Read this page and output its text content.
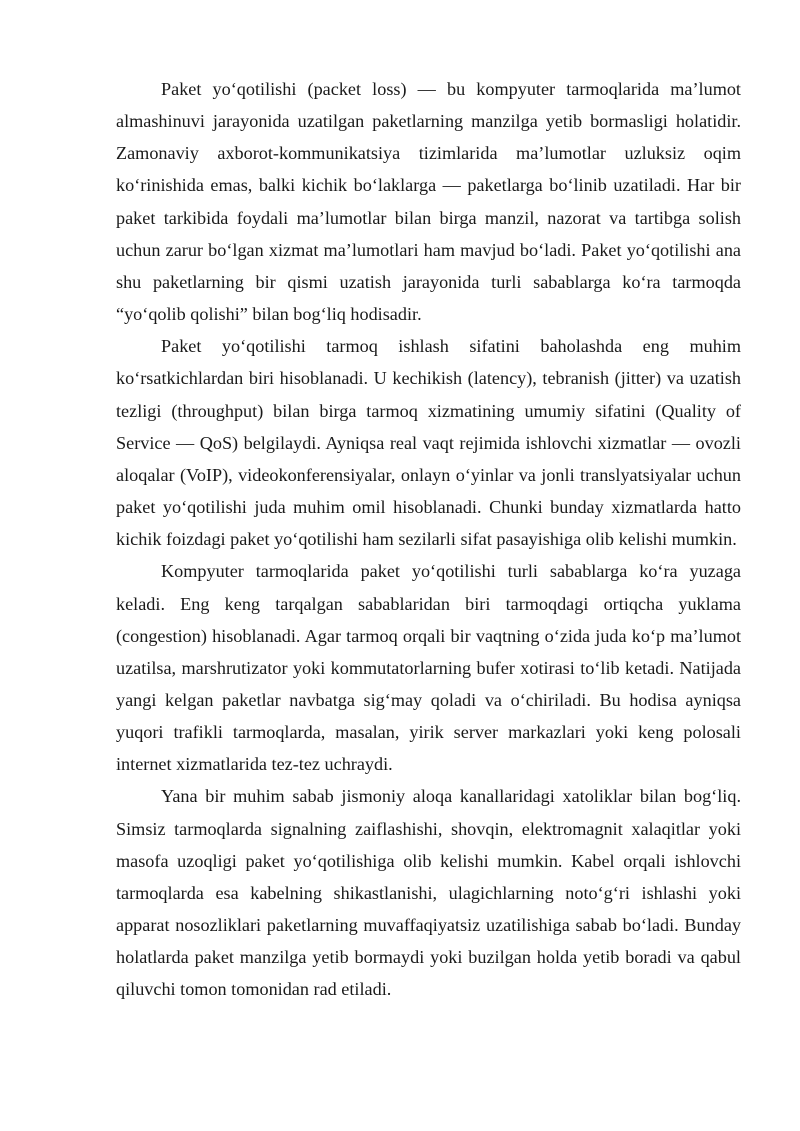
Paket yo‘qotilishi (packet loss) — bu kompyuter tarmoqlarida ma’lumot almashinuvi jarayonida uzatilgan paketlarning manzilga yetib bormasligi holatidir. Zamonaviy axborot-kommunikatsiya tizimlarida ma’lumotlar uzluksiz oqim ko‘rinishida emas, balki kichik bo‘laklarga — paketlarga bo‘linib uzatiladi. Har bir paket tarkibida foydali ma’lumotlar bilan birga manzil, nazorat va tartibga solish uchun zarur bo‘lgan xizmat ma’lumotlari ham mavjud bo‘ladi. Paket yo‘qotilishi ana shu paketlarning bir qismi uzatish jarayonida turli sabablarga ko‘ra tarmoqda “yo‘qolib qolishi” bilan bog‘liq hodisadir.

Paket yo‘qotilishi tarmoq ishlash sifatini baholashda eng muhim ko‘rsatkichlardan biri hisoblanadi. U kechikish (latency), tebranish (jitter) va uzatish tezligi (throughput) bilan birga tarmoq xizmatining umumiy sifatini (Quality of Service — QoS) belgilaydi. Ayniqsa real vaqt rejimida ishlovchi xizmatlar — ovozli aloqalar (VoIP), videokonferensiyalar, onlayn o‘yinlar va jonli translyatsiyalar uchun paket yo‘qotilishi juda muhim omil hisoblanadi. Chunki bunday xizmatlarda hatto kichik foizdagi paket yo‘qotilishi ham sezilarli sifat pasayishiga olib kelishi mumkin.

Kompyuter tarmoqlarida paket yo‘qotilishi turli sabablarga ko‘ra yuzaga keladi. Eng keng tarqalgan sabablaridan biri tarmoqdagi ortiqcha yuklama (congestion) hisoblanadi. Agar tarmoq orqali bir vaqtning o‘zida juda ko‘p ma’lumot uzatilsa, marshrutizator yoki kommutatorlarning bufer xotirasi to‘lib ketadi. Natijada yangi kelgan paketlar navbatga sig‘may qoladi va o‘chiriladi. Bu hodisa ayniqsa yuqori trafikli tarmoqlarda, masalan, yirik server markazlari yoki keng polosali internet xizmatlarida tez-tez uchraydi.

Yana bir muhim sabab jismoniy aloqa kanallaridagi xatoliklar bilan bog‘liq. Simsiz tarmoqlarda signalning zaiflashishi, shovqin, elektromagnit xalaqitlar yoki masofa uzoqligi paket yo‘qotilishiga olib kelishi mumkin. Kabel orqali ishlovchi tarmoqlarda esa kabelning shikastlanishi, ulagichlarning noto‘g‘ri ishlashi yoki apparat nosozliklari paketlarning muvaffaqiyatsiz uzatilishiga sabab bo‘ladi. Bunday holatlarda paket manzilga yetib bormaydi yoki buzilgan holda yetib boradi va qabul qiluvchi tomon tomonidan rad etiladi.
